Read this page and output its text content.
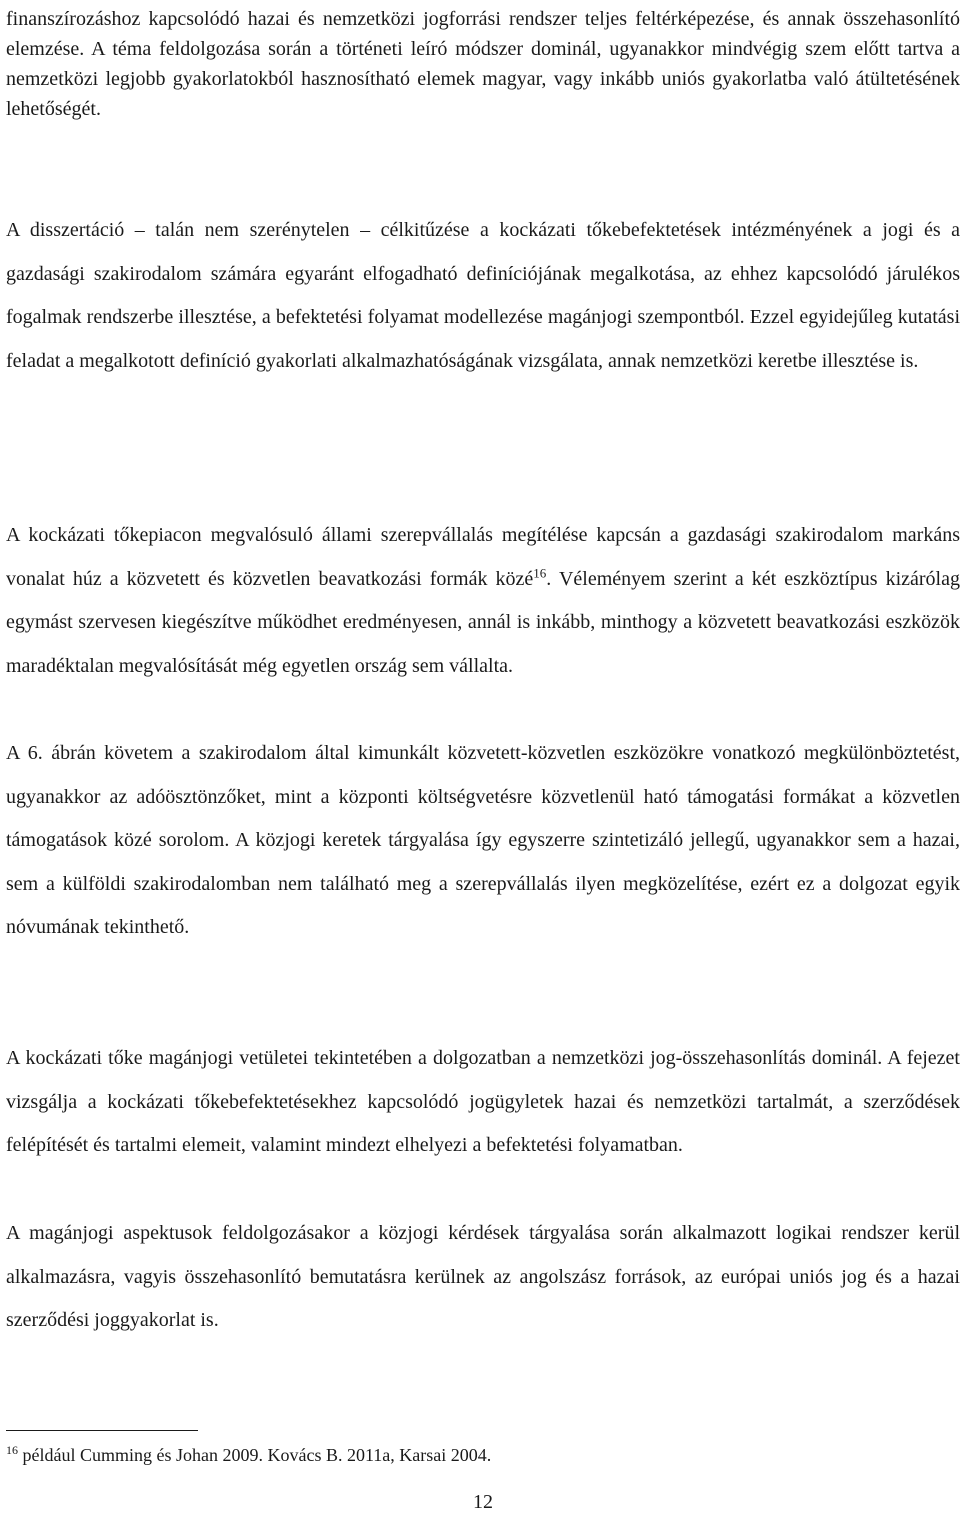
finanszírozáshoz kapcsolódó hazai és nemzetközi jogforrási rendszer teljes feltérképezése, és annak összehasonlító elemzése. A téma feldolgozása során a történeti leíró módszer dominál, ugyanakkor mindvégig szem előtt tartva a nemzetközi legjobb gyakorlatokból hasznosítható elemek magyar, vagy inkább uniós gyakorlatba való átültetésének lehetőségét.

A disszertáció – talán nem szerénytelen – célkitűzése a kockázati tőkebefektetések intézményének a jogi és a gazdasági szakirodalom számára egyaránt elfogadható definíciójának megalkotása, az ehhez kapcsolódó járulékos fogalmak rendszerbe illesztése, a befektetési folyamat modellezése magánjogi szempontból. Ezzel egyidejűleg kutatási feladat a megalkotott definíció gyakorlati alkalmazhatóságának vizsgálata, annak nemzetközi keretbe illesztése is.

A kockázati tőkepiacon megvalósuló állami szerepvállalás megítélése kapcsán a gazdasági szakirodalom markáns vonalat húz a közvetett és közvetlen beavatkozási formák közé$^{16}$. Véleményem szerint a két eszköztípus kizárólag egymást szervesen kiegészítve működhet eredményesen, annál is inkább, minthogy a közvetett beavatkozási eszközök maradéktalan megvalósítását még egyetlen ország sem vállalta.

A 6. ábrán követem a szakirodalom által kimunkált közvetett-közvetlen eszközökre vonatkozó megkülönböztetést, ugyanakkor az adóösztönzőket, mint a központi költségvetésre közvetlenül ható támogatási formákat a közvetlen támogatások közé sorolom. A közjogi keretek tárgyalása így egyszerre szintetizáló jellegű, ugyanakkor sem a hazai, sem a külföldi szakirodalomban nem található meg a szerepvállalás ilyen megközelítése, ezért ez a dolgozat egyik nóvumának tekinthető.

A kockázati tőke magánjogi vetületei tekintetében a dolgozatban a nemzetközi jog-összehasonlítás dominál. A fejezet vizsgálja a kockázati tőkebefektetésekhez kapcsolódó jogügyletek hazai és nemzetközi tartalmát, a szerződések felépítését és tartalmi elemeit, valamint mindezt elhelyezi a befektetési folyamatban.

A magánjogi aspektusok feldolgozásakor a közjogi kérdések tárgyalása során alkalmazott logikai rendszer kerül alkalmazásra, vagyis összehasonlító bemutatásra kerülnek az angolszász források, az európai uniós jog és a hazai szerződési joggyakorlat is.

$^{16}$ például Cumming és Johan 2009. Kovács B. 2011a, Karsai 2004.
12
